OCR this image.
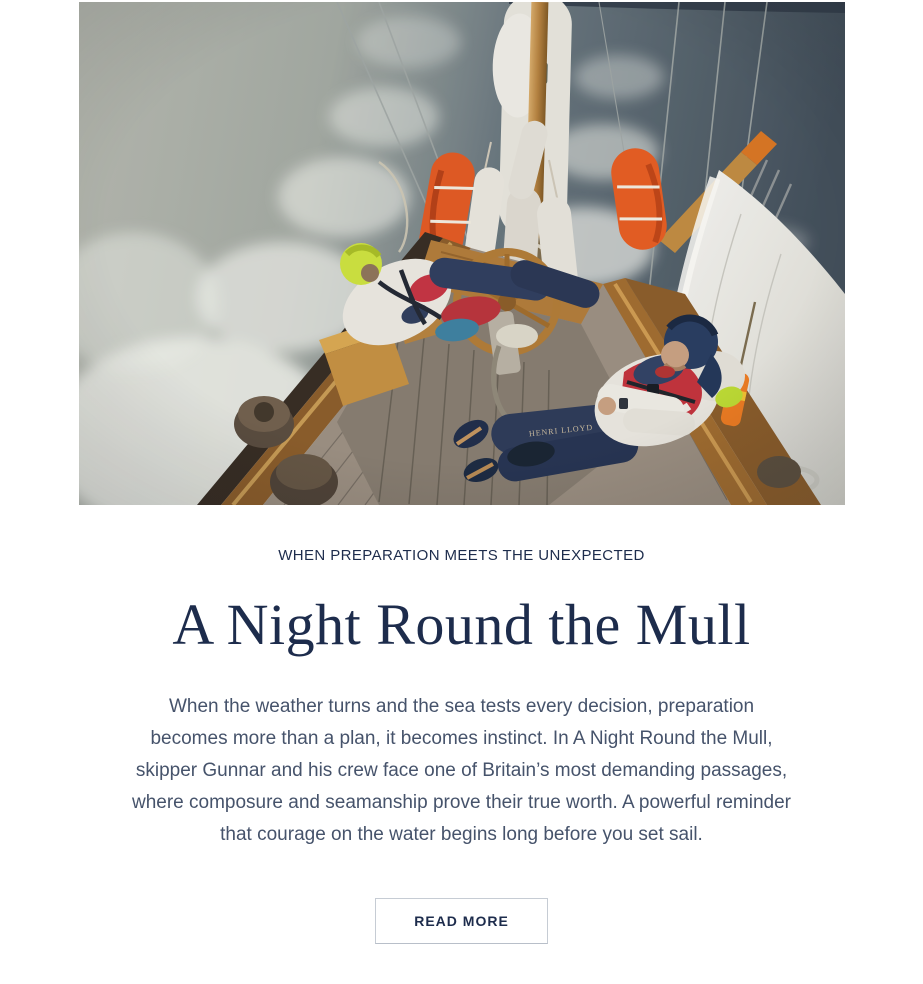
WHEN PREPARATION MEETS THE UNEXPECTED

A Night Round the Mull

When the weather turns and the sea tests every decision, preparation becomes more than a plan, it becomes instinct. In A Night Round the Mull, skipper Gunnar and his crew face one of Britain’s most demanding passages, where composure and seamanship prove their true worth. A powerful reminder that courage on the water begins long before you set sail.

READ MORE
